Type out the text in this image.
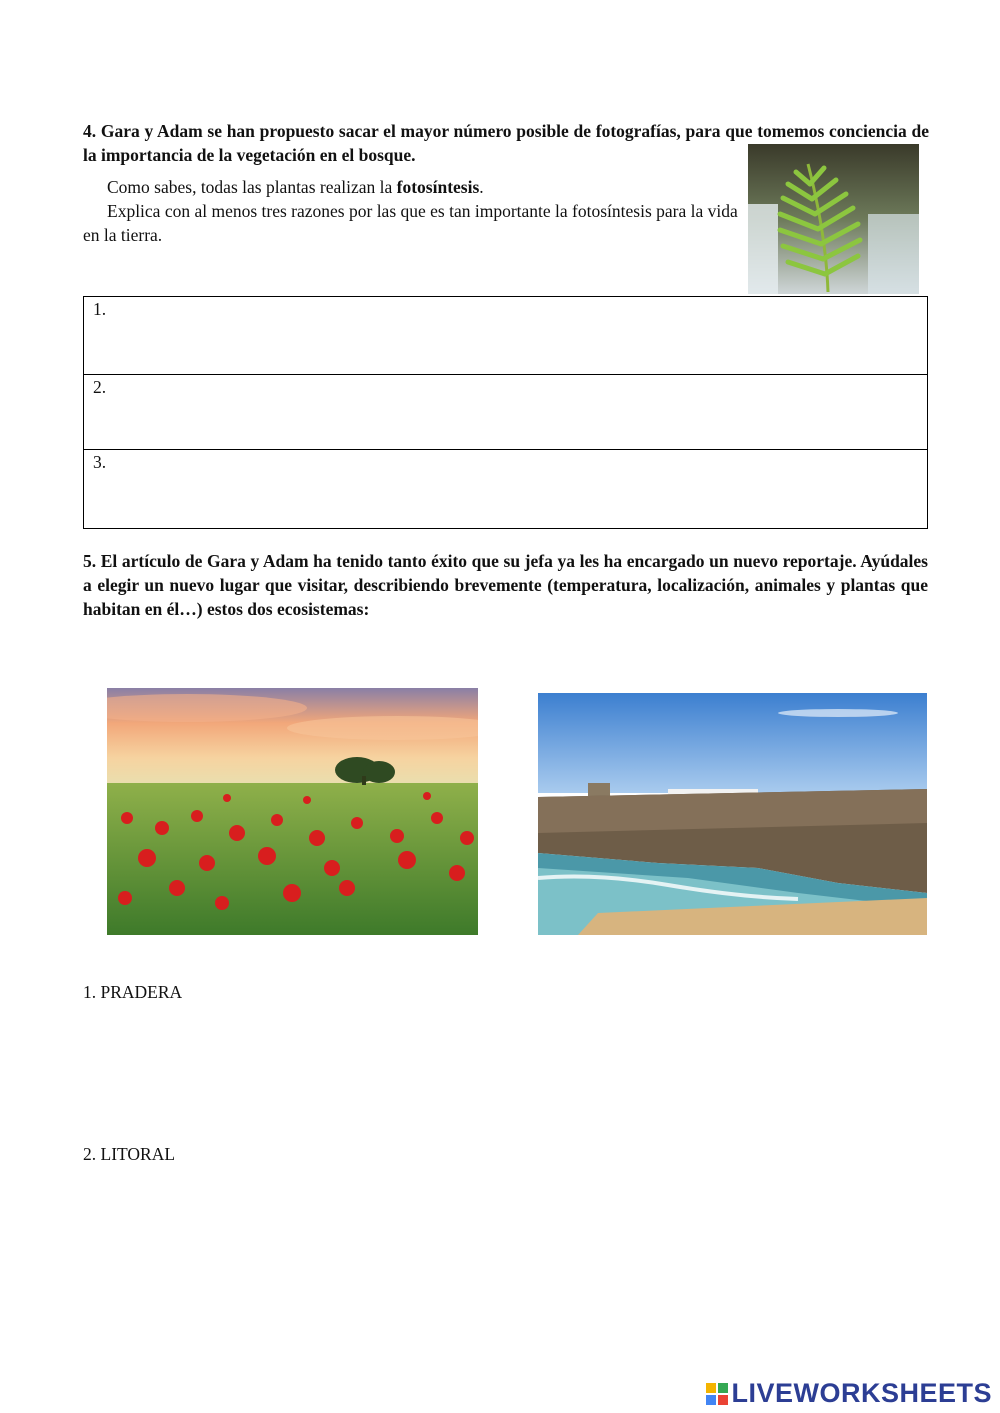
4. Gara y Adam se han propuesto sacar el mayor número posible de fotografías, para que tomemos conciencia de la importancia de la vegetación en el bosque.

Como sabes, todas las plantas realizan la fotosíntesis.

Explica con al menos tres razones por las que es tan importante la fotosíntesis para la vida en la tierra.

1.
2.
3.
5. El artículo de Gara y Adam ha tenido tanto éxito que su jefa ya les ha encargado un nuevo reportaje. Ayúdales a elegir un nuevo lugar que visitar, describiendo brevemente (temperatura, localización, animales y plantas que habitan en él…) estos dos ecosistemas:
1. PRADERA
2. LITORAL
LIVEWORKSHEETS
